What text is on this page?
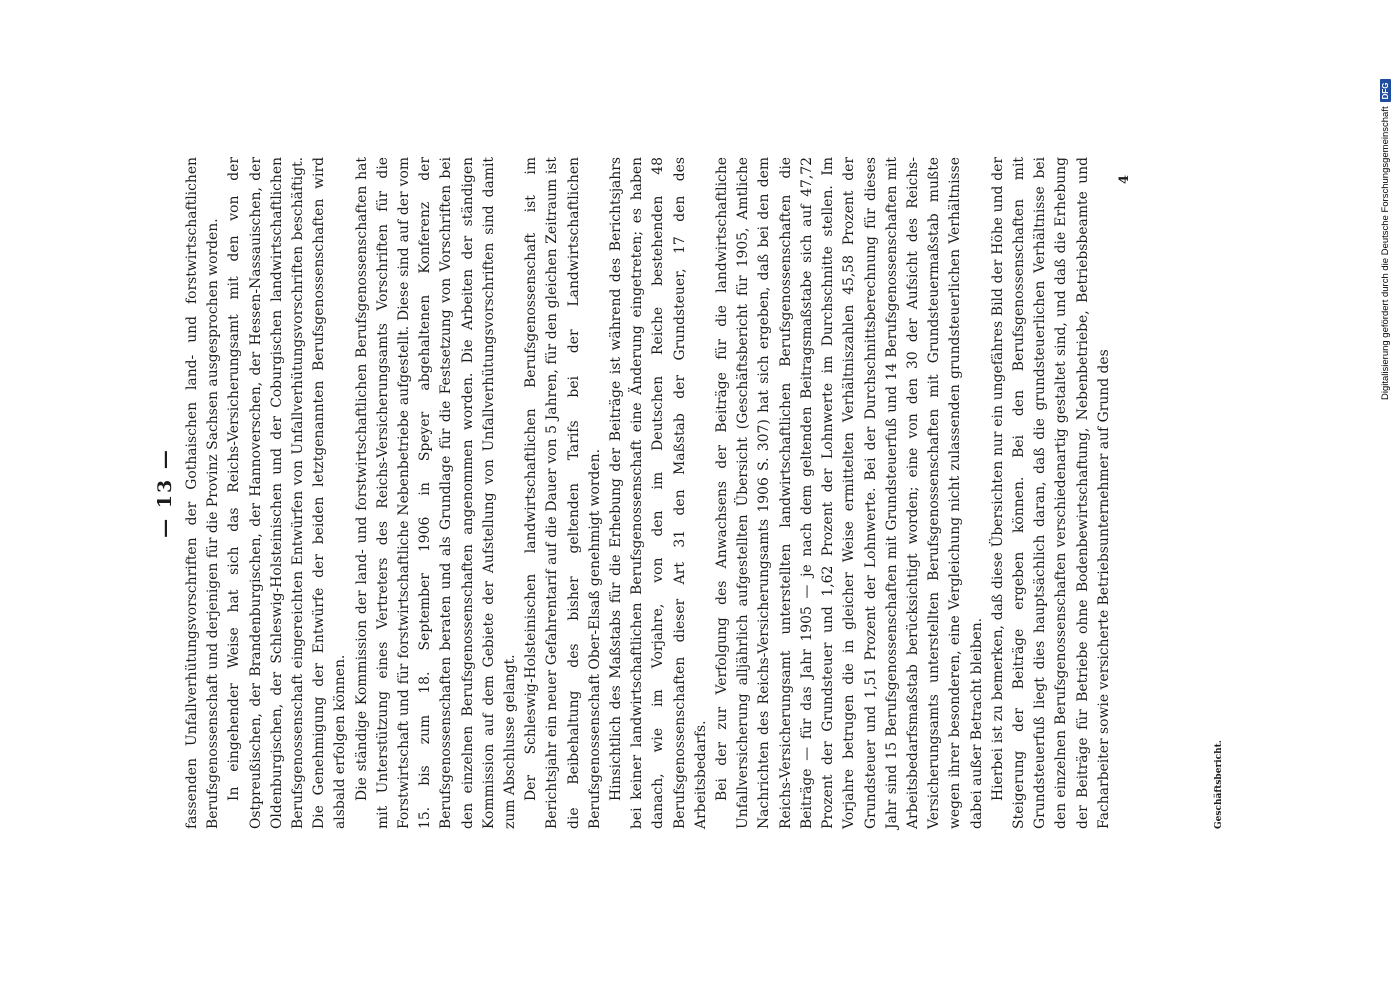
— 13 — fassenden Unfallverhütungsvorschriften der Gothaischen land- und forstwirtschaftlichen Berufsgenossenschaft und derjenigen für die Provinz Sachsen ausgesprochen worden. In eingehender Weise hat sich das Reichs-Versicherungsamt mit den von der Ostpreußischen, der Brandenburgischen, der Hannoverschen, der Hessen-Nassauischen, der Oldenburgischen, der Schleswig-Holsteinischen und der Coburgischen landwirtschaftlichen Berufsgenossenschaft eingereichten Entwürfen von Unfallverhütungsvorschriften beschäftigt. Die Genehmigung der Entwürfe der beiden letztgenannten Berufsgenossenschaften wird alsbald erfolgen können. Die ständige Kommission der land- und forstwirtschaftlichen Berufsgenossenschaften hat mit Unterstützung eines Vertreters des Reichs-Versicherungsamts Vorschriften für die Forstwirtschaft und für forstwirtschaftliche Nebenbetriebe aufgestellt. Diese sind auf der vom 15. bis zum 18. September 1906 in Speyer abgehaltenen Konferenz der Berufsgenossenschaften beraten und als Grundlage für die Festsetzung von Vorschriften bei den einzelnen Berufsgenossenschaften angenommen worden. Die Arbeiten der ständigen Kommission auf dem Gebiete der Aufstellung von Unfallverhütungsvorschriften sind damit zum Abschlusse gelangt. Der Schleswig-Holsteinischen landwirtschaftlichen Berufsgenossenschaft ist im Berichtsjahr ein neuer Gefahrentarif auf die Dauer von 5 Jahren, für den gleichen Zeitraum ist die Beibehaltung des bisher geltenden Tarifs bei der Landwirtschaftlichen Berufsgenossenschaft Ober-Elsaß genehmigt worden. Hinsichtlich des Maßstabs für die Erhebung der Beiträge ist während des Berichtsjahrs bei keiner landwirtschaftlichen Berufsgenossenschaft eine Änderung eingetreten; es haben danach, wie im Vorjahre, von den im Deutschen Reiche bestehenden 48 Berufsgenossenschaften dieser Art 31 den Maßstab der Grundsteuer, 17 den des Arbeitsbedarfs. Bei der zur Verfolgung des Anwachsens der Beiträge für die landwirtschaftliche Unfallversicherung alljährlich aufgestellten Übersicht (Geschäftsbericht für 1905, Amtliche Nachrichten des Reichs-Versicherungsamts 1906 S. 307) hat sich ergeben, daß bei den dem Reichs-Versicherungsamt unterstellten landwirtschaftlichen Berufsgenossenschaften die Beiträge — für das Jahr 1905 — je nach dem geltenden Beitragsmaßstabe sich auf 47,72 Prozent der Grundsteuer und 1,62 Prozent der Lohnwerte im Durchschnitte stellen. Im Vorjahre betrugen die in gleicher Weise ermittelten Verhältniszahlen 45,58 Prozent der Grundsteuer und 1,51 Prozent der Lohnwerte. Bei der Durchschnittsberechnung für dieses Jahr sind 15 Berufsgenossenschaften mit Grundsteuerfuß und 14 Berufsgenossenschaften mit Arbeitsbedarfsmaßstab berücksichtigt worden; eine von den 30 der Aufsicht des Reichs-Versicherungsamts unterstellten Berufsgenossenschaften mit Grundsteuermaßstab mußte wegen ihrer besonderen, eine Vergleichung nicht zulassenden grundsteuerlichen Verhältnisse dabei außer Betracht bleiben. Hierbei ist zu bemerken, daß diese Übersichten nur ein ungefähres Bild der Höhe und der Steigerung der Beiträge ergeben können. Bei den Berufsgenossenschaften mit Grundsteuerfuß liegt dies hauptsächlich daran, daß die grundsteuerlichen Verhältnisse bei den einzelnen Berufsgenossenschaften verschiedenartig gestaltet sind, und daß die Erhebung der Beiträge für Betriebe ohne Bodenbewirtschaftung, Nebenbetriebe, Betriebsbeamte und Facharbeiter sowie versicherte Betriebsunternehmer auf Grund des

4
Geschäftsbericht.
Digitalisierung gefördert durch die Deutsche Forschungsgemeinschaft
DFG
